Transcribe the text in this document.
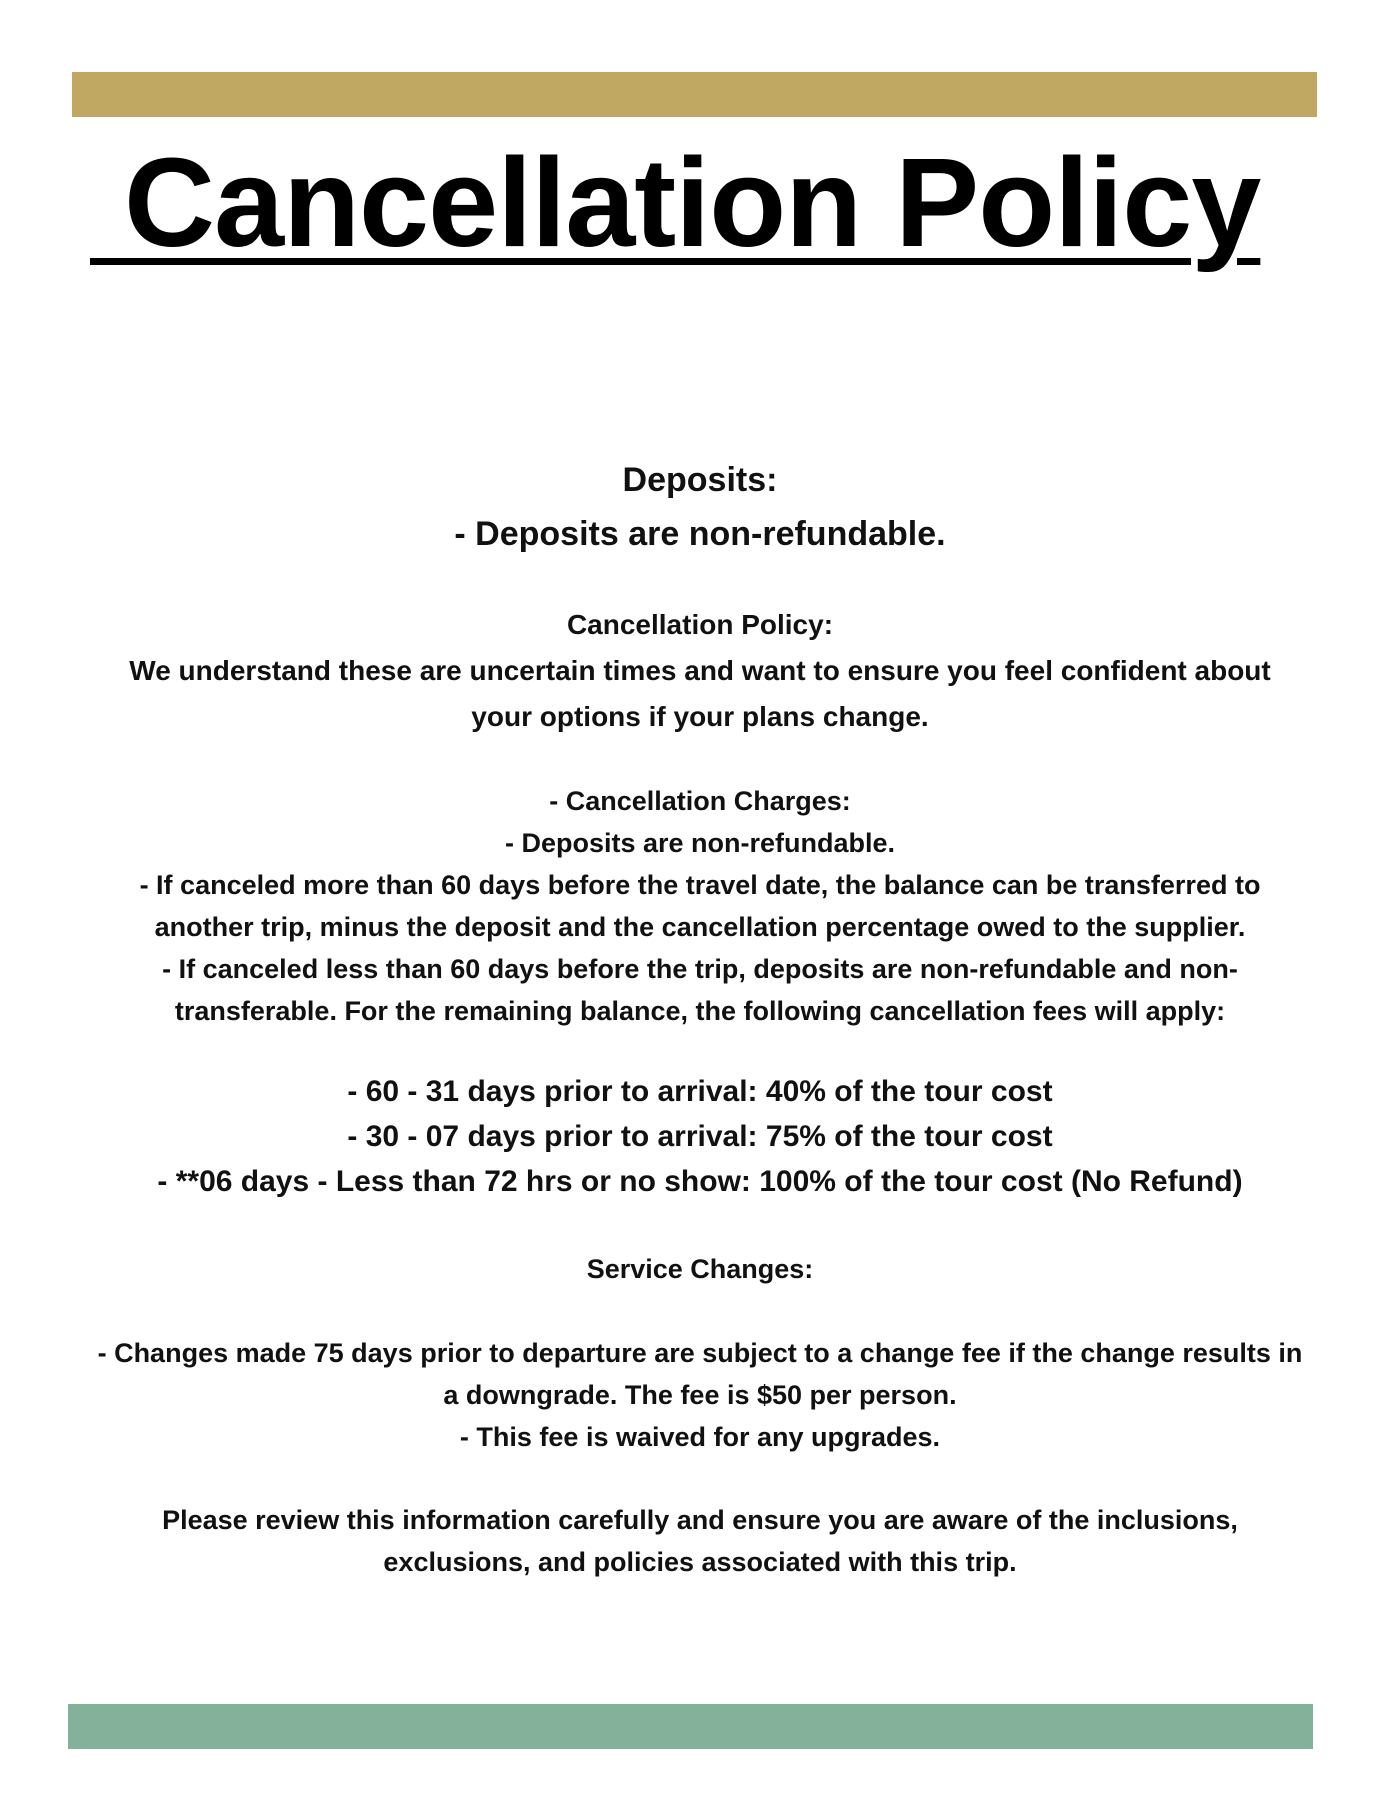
Cancellation Policy
Deposits:
- Deposits are non-refundable.
Cancellation Policy:
We understand these are uncertain times and want to ensure you feel confident about
your options if your plans change.
- Cancellation Charges:
- Deposits are non-refundable.
- If canceled more than 60 days before the travel date, the balance can be transferred to
another trip, minus the deposit and the cancellation percentage owed to the supplier.
- If canceled less than 60 days before the trip, deposits are non-refundable and non-
transferable. For the remaining balance, the following cancellation fees will apply:
- 60 - 31 days prior to arrival: 40% of the tour cost
- 30 - 07 days prior to arrival: 75% of the tour cost
- **06 days - Less than 72 hrs or no show: 100% of the tour cost (No Refund)
Service Changes:
- Changes made 75 days prior to departure are subject to a change fee if the change results in
a downgrade. The fee is $50 per person.
- This fee is waived for any upgrades.
Please review this information carefully and ensure you are aware of the inclusions,
exclusions, and policies associated with this trip.
